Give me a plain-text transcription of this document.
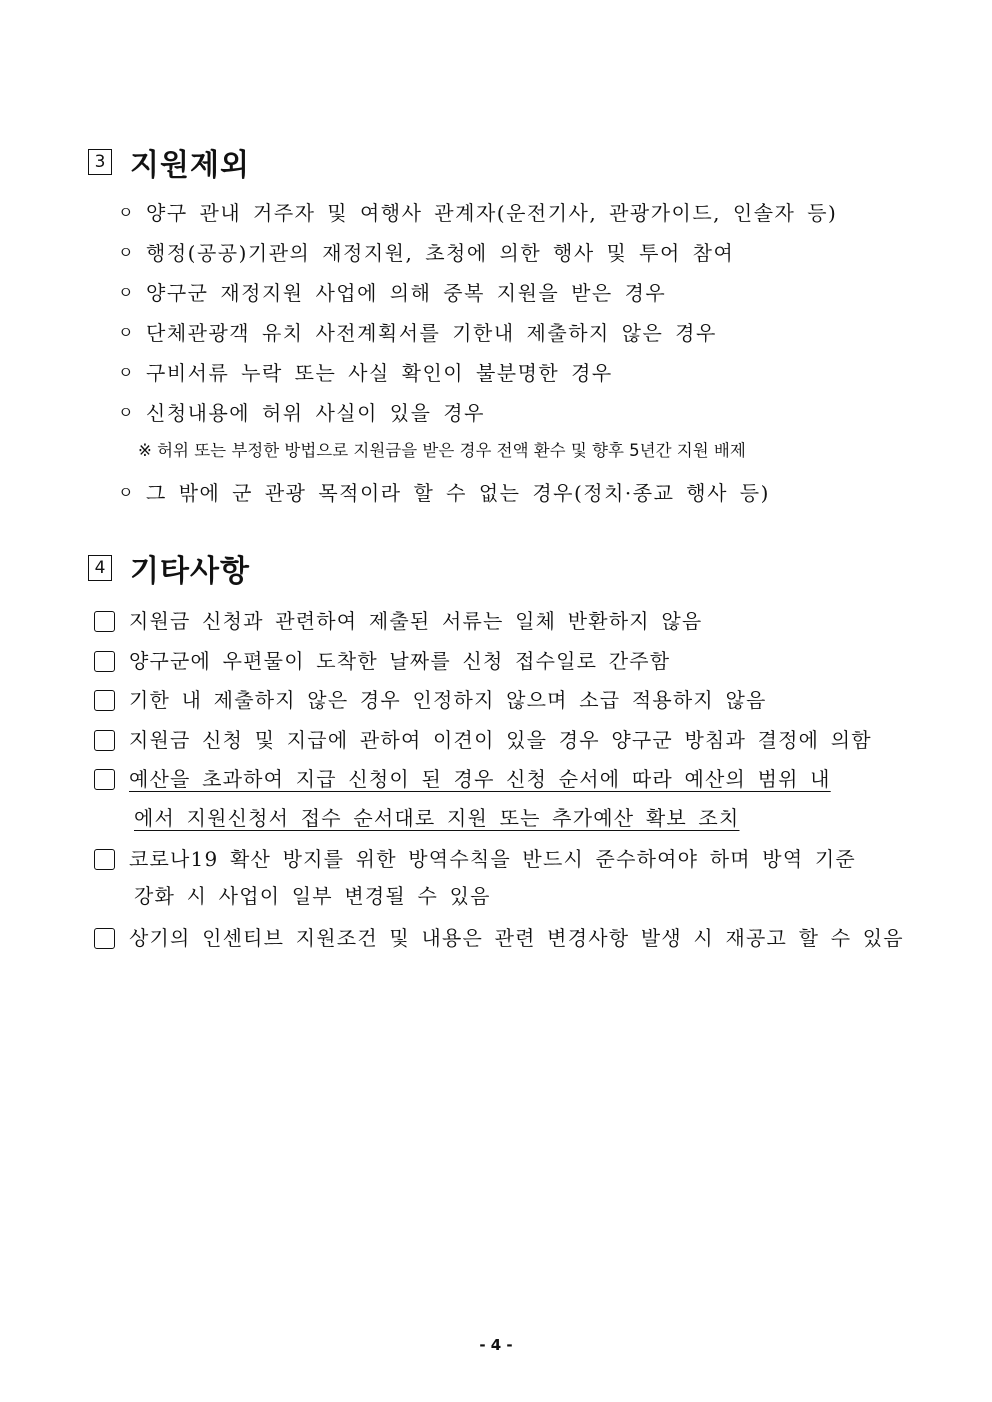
3 지원제외
ㅇ 양구 관내 거주자 및 여행사 관계자(운전기사, 관광가이드, 인솔자 등)
ㅇ 행정(공공)기관의 재정지원, 초청에 의한 행사 및 투어 참여
ㅇ 양구군 재정지원 사업에 의해 중복 지원을 받은 경우
ㅇ 단체관광객 유치 사전계획서를 기한내 제출하지 않은 경우
ㅇ 구비서류 누락 또는 사실 확인이 불분명한 경우
ㅇ 신청내용에 허위 사실이 있을 경우
※ 허위 또는 부정한 방법으로 지원금을 받은 경우 전액 환수 및 향후 5년간 지원 배제
ㅇ 그 밖에 군 관광 목적이라 할 수 없는 경우(정치·종교 행사 등)
4 기타사항
지원금 신청과 관련하여 제출된 서류는 일체 반환하지 않음
양구군에 우편물이 도착한 날짜를 신청 접수일로 간주함
기한 내 제출하지 않은 경우 인정하지 않으며 소급 적용하지 않음
지원금 신청 및 지급에 관하여 이견이 있을 경우 양구군 방침과 결정에 의함
예산을 초과하여 지급 신청이 된 경우 신청 순서에 따라 예산의 범위 내
에서 지원신청서 접수 순서대로 지원 또는 추가예산 확보 조치
코로나19 확산 방지를 위한 방역수칙을 반드시 준수하여야 하며 방역 기준
강화 시 사업이 일부 변경될 수 있음
상기의 인센티브 지원조건 및 내용은 관련 변경사항 발생 시 재공고 할 수 있음
- 4 -
